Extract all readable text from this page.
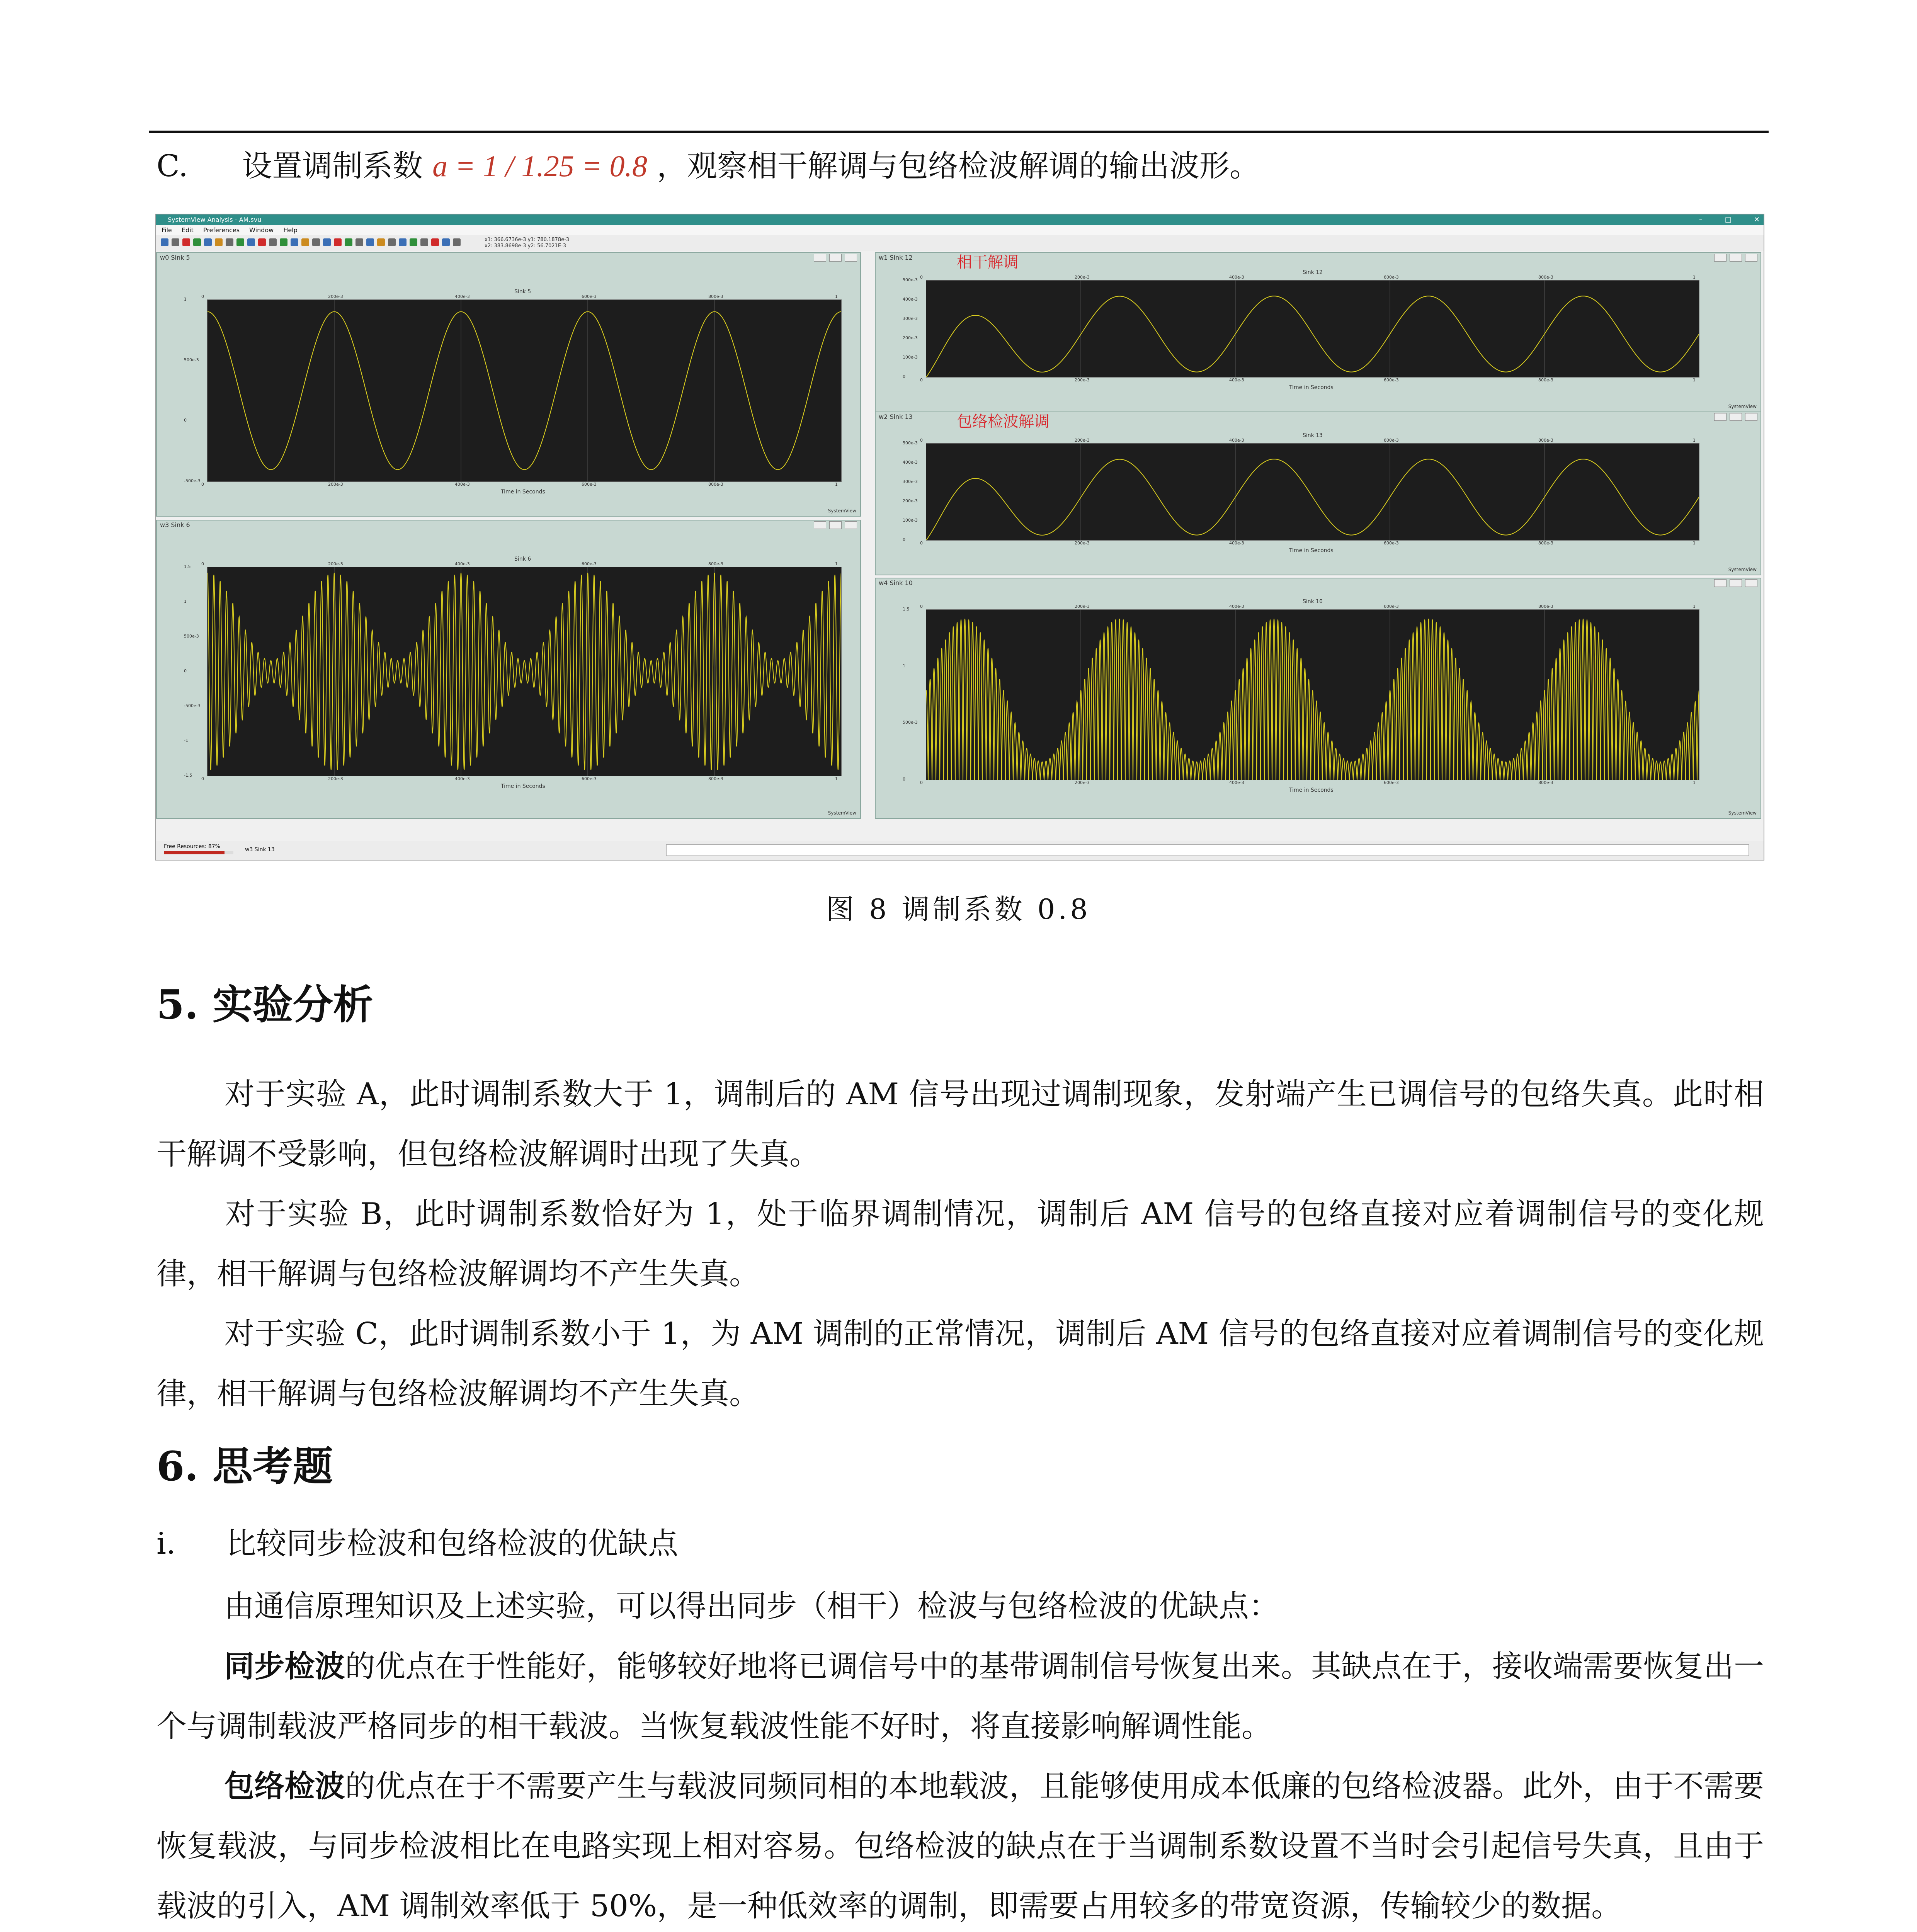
C. 设置调制系数 a = 1 / 1.25 = 0.8 ，观察相干解调与包络检波解调的输出波形。
SystemView Analysis - AM.svu	–	□	✕
File Edit Preferences Window Help
x1: 366.6736e-3 y1: 780.1878e-3
x2: 383.8698e-3 y2: 56.7021E-3
w0 Sink 5
Sink 5
Time in Seconds
SystemView
0
0
200e-3
200e-3
400e-3
400e-3
600e-3
600e-3
800e-3
800e-3
1
1
1
500e-3
0
-500e-3
w1 Sink 12	相干解调
Sink 12
Time in Seconds
SystemView
0
0
200e-3
200e-3
400e-3
400e-3
600e-3
600e-3
800e-3
800e-3
1
1
500e-3
400e-3
300e-3
200e-3
100e-3
0
w2 Sink 13	包络检波解调
Sink 13
Time in Seconds
SystemView
0
0
200e-3
200e-3
400e-3
400e-3
600e-3
600e-3
800e-3
800e-3
1
1
500e-3
400e-3
300e-3
200e-3
100e-3
0
w3 Sink 6
Sink 6
Time in Seconds
SystemView
0
0
200e-3
200e-3
400e-3
400e-3
600e-3
600e-3
800e-3
800e-3
1
1
1.5
1
500e-3
0
-500e-3
-1
-1.5
w4 Sink 10
Sink 10
Time in Seconds
SystemView
0
0
200e-3
200e-3
400e-3
400e-3
600e-3
600e-3
800e-3
800e-3
1
1
1.5
1
500e-3
0
Free Resources: 87%	w3 Sink 13
图 8 调制系数 0.8
5. 实验分析
对于实验 A，此时调制系数大于 1，调制后的 AM 信号出现过调制现象，发射端产生已调信号的包络失真。此时相干解调不受影响，但包络检波解调时出现了失真。
对于实验 B，此时调制系数恰好为 1，处于临界调制情况，调制后 AM 信号的包络直接对应着调制信号的变化规律，相干解调与包络检波解调均不产生失真。
对于实验 C，此时调制系数小于 1，为 AM 调制的正常情况，调制后 AM 信号的包络直接对应着调制信号的变化规律，相干解调与包络检波解调均不产生失真。
6. 思考题
i. 比较同步检波和包络检波的优缺点
由通信原理知识及上述实验，可以得出同步（相干）检波与包络检波的优缺点：
同步检波的优点在于性能好，能够较好地将已调信号中的基带调制信号恢复出来。其缺点在于，接收端需要恢复出一个与调制载波严格同步的相干载波。当恢复载波性能不好时，将直接影响解调性能。
包络检波的优点在于不需要产生与载波同频同相的本地载波，且能够使用成本低廉的包络检波器。此外，由于不需要恢复载波，与同步检波相比在电路实现上相对容易。包络检波的缺点在于当调制系数设置不当时会引起信号失真，且由于载波的引入，AM 调制效率低于 50%，是一种低效率的调制，即需要占用较多的带宽资源，传输较少的数据。
